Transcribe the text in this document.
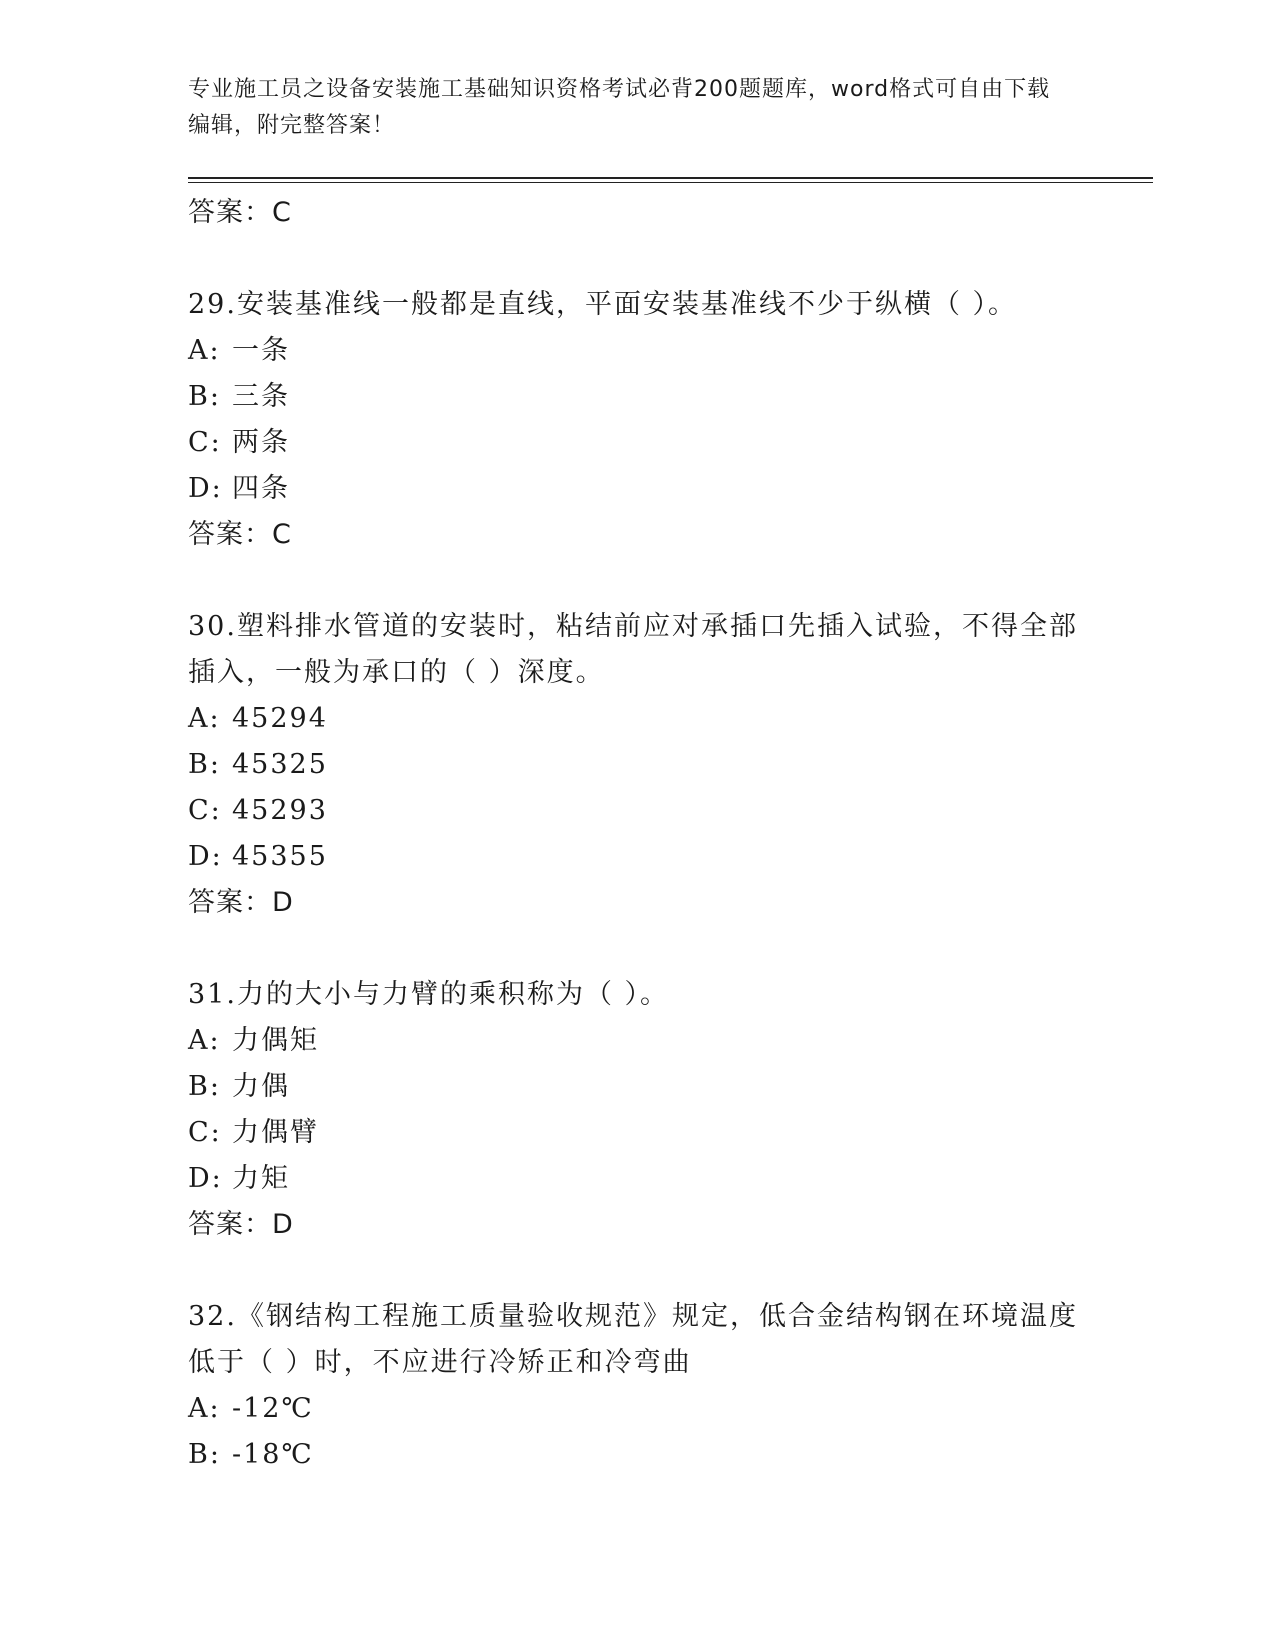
专业施工员之设备安装施工基础知识资格考试必背200题题库，word格式可自由下载编辑，附完整答案！
答案：C
29.安装基准线一般都是直线，平面安装基准线不少于纵横（ ）。
A: 一条
B: 三条
C: 两条
D: 四条
答案：C
30.塑料排水管道的安装时，粘结前应对承插口先插入试验，不得全部插入，一般为承口的（ ）深度。
A: 45294
B: 45325
C: 45293
D: 45355
答案：D
31.力的大小与力臂的乘积称为（ ）。
A: 力偶矩
B: 力偶
C: 力偶臂
D: 力矩
答案：D
32.《钢结构工程施工质量验收规范》规定，低合金结构钢在环境温度低于（ ）时，不应进行冷矫正和冷弯曲
A: -12℃
B: -18℃
